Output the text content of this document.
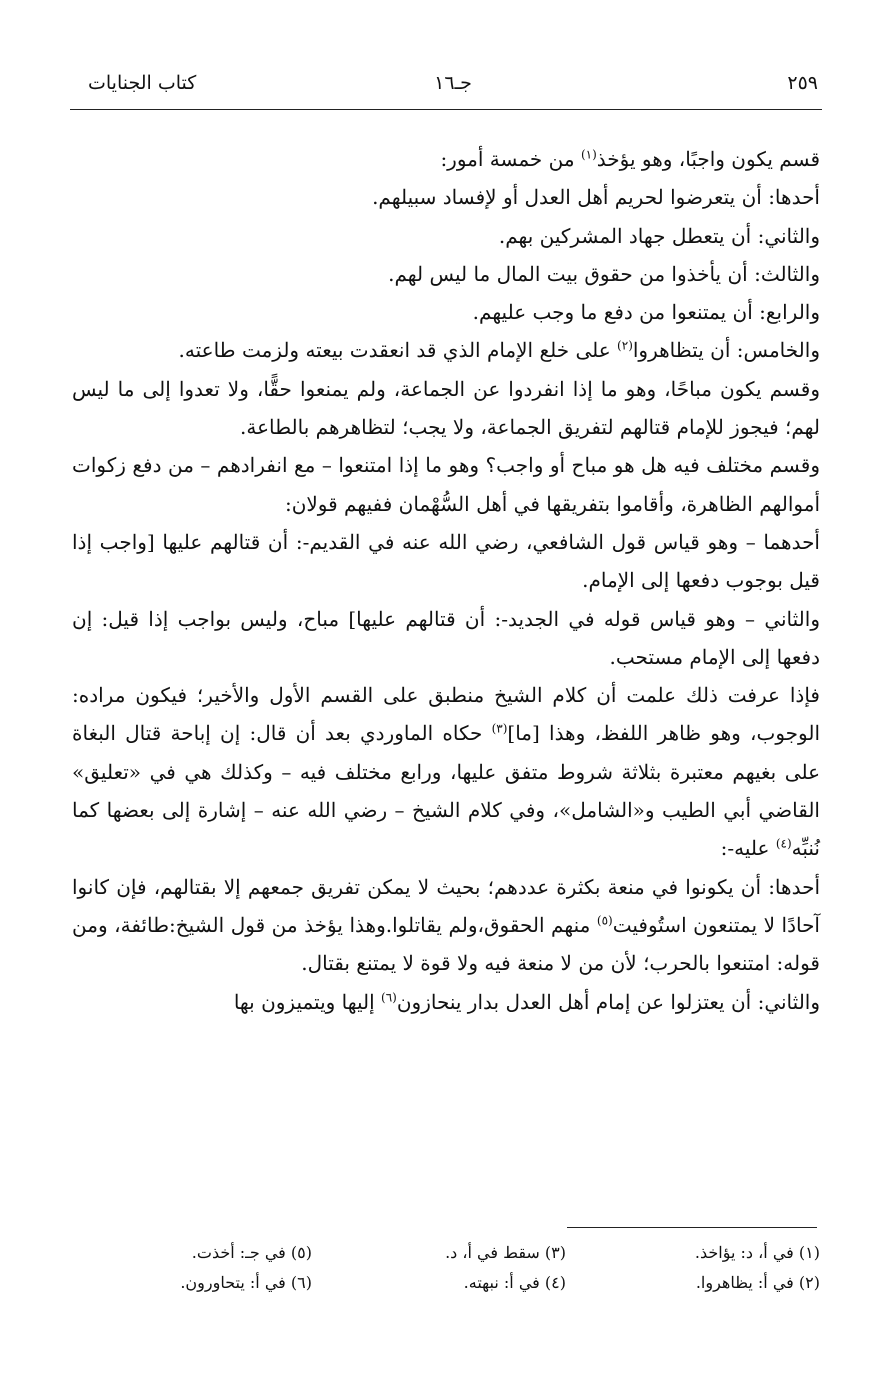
٢٥٩
جـ١٦
كتاب الجنايات

قسم يكون واجبًا، وهو يؤخذ$^{(١)}$ من خمسة أمور:

أحدها: أن يتعرضوا لحريم أهل العدل أو لإفساد سبيلهم.

والثاني: أن يتعطل جهاد المشركين بهم.

والثالث: أن يأخذوا من حقوق بيت المال ما ليس لهم.

والرابع: أن يمتنعوا من دفع ما وجب عليهم.

والخامس: أن يتظاهروا$^{(٢)}$ على خلع الإمام الذي قد انعقدت بيعته ولزمت طاعته.

وقسم يكون مباحًا، وهو ما إذا انفردوا عن الجماعة، ولم يمنعوا حقًّا، ولا تعدوا إلى ما ليس لهم؛ فيجوز للإمام قتالهم لتفريق الجماعة، ولا يجب؛ لتظاهرهم بالطاعة.

وقسم مختلف فيه هل هو مباح أو واجب؟ وهو ما إذا امتنعوا – مع انفرادهم – من دفع زكوات أموالهم الظاهرة، وأقاموا بتفريقها في أهل السُّهْمان ففيهم قولان:

أحدهما – وهو قياس قول الشافعي، رضي الله عنه في القديم-: أن قتالهم عليها [واجب إذا قيل بوجوب دفعها إلى الإمام.

والثاني – وهو قياس قوله في الجديد-: أن قتالهم عليها] مباح، وليس بواجب إذا قيل: إن دفعها إلى الإمام مستحب.

فإذا عرفت ذلك علمت أن كلام الشيخ منطبق على القسم الأول والأخير؛ فيكون مراده: الوجوب، وهو ظاهر اللفظ، وهذا [ما]$^{(٣)}$ حكاه الماوردي بعد أن قال: إن إباحة قتال البغاة على بغيهم معتبرة بثلاثة شروط متفق عليها، ورابع مختلف فيه – وكذلك هي في «تعليق» القاضي أبي الطيب و«الشامل»، وفي كلام الشيخ – رضي الله عنه – إشارة إلى بعضها كما نُنبِّه$^{(٤)}$ عليه-:

أحدها: أن يكونوا في منعة بكثرة عددهم؛ بحيث لا يمكن تفريق جمعهم إلا بقتالهم، فإن كانوا آحادًا لا يمتنعون استُوفيت$^{(٥)}$ منهم الحقوق،ولم يقاتلوا.وهذا يؤخذ من قول الشيخ:طائفة، ومن قوله: امتنعوا بالحرب؛ لأن من لا منعة فيه ولا قوة لا يمتنع بقتال.

والثاني: أن يعتزلوا عن إمام أهل العدل بدار ينحازون$^{(٦)}$ إليها ويتميزون بها

(١) في أ، د: يؤاخذ.
(٣) سقط في أ، د.
(٥) في جـ: أخذت.
(٢) في أ: يظاهروا.
(٤) في أ: نبهته.
(٦) في أ: يتحاورون.
